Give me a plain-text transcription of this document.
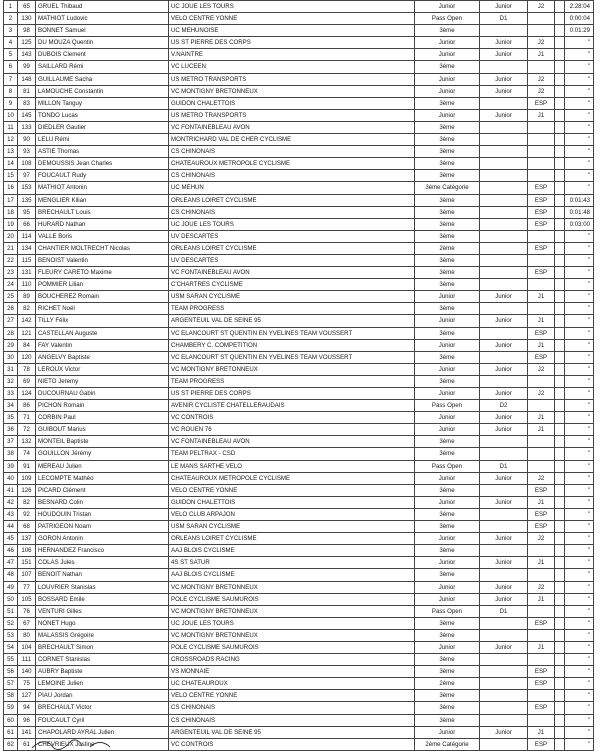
1	65	GRUEL Thibaud	UC JOUE LES TOURS	Junior	Junior	J2		2:28:04
2	130	MATHIOT Ludovic	VELO CENTRE YONNE	Pass Open	D1			0:00:04
3	98	BONNET Samuel	UC MEHUNOISE	3ème				0:01:29
4	125	DU MOUZA Quentin	US ST PIERRE DES CORPS	Junior	Junior	J2		"
5	143	DUBOIS Clement	V.NAINTRE	Junior	Junior	J1		"
6	99	SAILLARD Rémi	VC LUCEEN	3ème				"
7	148	GUILLAUME Sacha	US METRO TRANSPORTS	Junior	Junior	J2		"
8	81	LAMOUCHE Constantin	VC MONTIGNY BRETONNEUX	Junior	Junior	J2		"
9	83	MILLON Tanguy	GUIDON CHALETTOIS	3ème		ESP		"
10	145	TONDO Lucas	US METRO TRANSPORTS	Junior	Junior	J1		"
11	133	DIEDLER Gautier	VC FONTAINEBLEAU AVON	3ème				"
12	90	LELU Rémi	MONTRICHARD VAL DE CHER CYCLISME	3ème				"
13	93	ASTIE Thomas	CS CHINONAIS	3ème				"
14	108	DEMOUSSIS Jean Charles	CHATEAUROUX METROPOLE CYCLISME	3ème				"
15	97	FOUCAULT Rudy	CS CHINONAIS	3ème				"
16	153	MATHIOT Antonin	UC MEHUN	3ème Catégorie		ESP		"
17	135	MENGLIER Kilian	ORLEANS LOIRET CYCLISME	3ème		ESP		0:01:43
18	95	BRECHAULT Louis	CS CHINONAIS	3ème		ESP		0:01:48
19	66	HURARD Nathan	UC JOUE LES TOURS	3ème		ESP		0:03:00
20	114	VALLE Boris	UV DESCARTES	3ème				"
21	134	CHANTIER MOLTRECHT Nicolas	ORLEANS LOIRET CYCLISME	2ème		ESP		"
22	115	BENOIST Valentin	UV DESCARTES	3ème				"
23	131	FLEURY CARETO Maxime	VC FONTAINEBLEAU AVON	3ème		ESP		"
24	110	POMMIER Lilian	C'CHARTRES CYCLISME	3ème				"
25	89	BOUCHEREZ Romain	USM SARAN CYCLISME	Junior	Junior	J1		"
26	82	RICHET Noël	TEAM PROGRESS	3ème				"
27	142	TILLY Félix	ARGENTEUIL VAL DE SEINE 95	Junior	Junior	J1		"
28	121	CASTELLAN Auguste	VC ELANCOURT ST QUENTIN EN YVELINES TEAM VOUSSERT	3ème		ESP		"
29	84	FAY Valentin	CHAMBERY C. COMPETITION	Junior	Junior	J1		"
30	120	ANGELVY Baptiste	VC ELANCOURT ST QUENTIN EN YVELINES TEAM VOUSSERT	3ème		ESP		"
31	78	LEROUX Victor	VC MONTIGNY BRETONNEUX	Junior	Junior	J2		"
32	69	NIETO Jeremy	TEAM PROGRESS	3ème				"
33	124	DUCOURNAU Gabin	US ST PIERRE DES CORPS	Junior	Junior	J2		"
34	86	PICHON Romain	AVENIR CYCLISTE CHATELLERAUDAIS	Pass Open	D2			"
35	71	CORBIN Paul	VC CONTROIS	Junior	Junior	J1		"
36	72	GUIBOUT Marius	VC ROUEN 76	Junior	Junior	J1		"
37	132	MONTEIL Baptiste	VC FONTAINEBLEAU AVON	3ème				"
38	74	GOUILLON Jérémy	TEAM PELTRAX - CSD	3ème				"
39	91	MEREAU Julien	LE MANS SARTHE VELO	Pass Open	D1			"
40	109	LECOMPTE Mathéo	CHATEAUROUX METROPOLE CYCLISME	Junior	Junior	J2		"
41	126	PICARD Clément	VELO CENTRE YONNE	3ème		ESP		"
42	82	BESNARD Colin	GUIDON CHALETTOIS	Junior	Junior	J1		"
43	92	HOUDOUIN Tristan	VELO CLUB ARPAJON	3ème		ESP		"
44	68	PATRIGEON Noam	USM SARAN CYCLISME	3ème		ESP		"
45	137	GORON Antonin	ORLEANS LOIRET CYCLISME	Junior	Junior	J2		"
46	106	HERNANDEZ Francisco	AAJ BLOIS CYCLISME	3ème				"
47	151	COLAS Jules	4S ST SATUR	Junior	Junior	J1		"
48	107	BENOIT Nathan	AAJ BLOIS CYCLISME	3ème				"
49	77	LOUVRIER Stanislas	VC MONTIGNY BRETONNEUX	Junior	Junior	J2		"
50	105	BOSSARD Emile	POLE CYCLISME SAUMUROIS	Junior	Junior	J1		"
51	76	VENTURI Gilles	VC MONTIGNY BRETONNEUX	Pass Open	D1			"
52	67	NONET Hugo	UC JOUE LES TOURS	3ème		ESP		"
53	80	MALASSIS Grégoire	VC MONTIGNY BRETONNEUX	3ème				"
54	104	BRECHAULT Simon	POLE CYCLISME SAUMUROIS	Junior	Junior	J1		"
55	111	CORNET Stanislas	CROSSROADS RACING	3ème				"
56	140	AUBRY Baptiste	VS MONNAIE	3ème		ESP		"
57	75	LEMOINE Julien	UC CHATEAUROUX	2ème		ESP		"
58	127	PIAU Jordan	VELO CENTRE YONNE	3ème				"
59	94	BRECHAULT Victor	CS CHINONAIS	3ème		ESP		"
60	96	FOUCAULT Cyril	CS CHINONAIS	3ème				"
61	141	CHAPOLARD AYRAL Julien	ARGENTEUIL VAL DE SEINE 95	Junior	Junior	J1		"
62	61	CHEVRIEUX Justine	VC CONTROIS	2ème Catégorie		ESP		"
